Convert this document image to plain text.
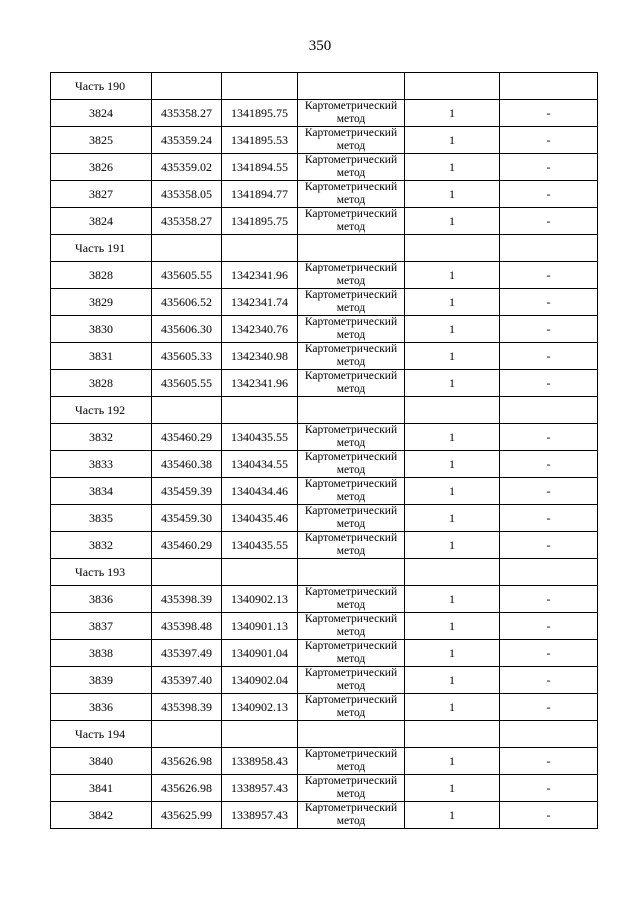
350
Часть 190					
3824	435358.27	1341895.75	Картометрический метод	1	-
3825	435359.24	1341895.53	Картометрический метод	1	-
3826	435359.02	1341894.55	Картометрический метод	1	-
3827	435358.05	1341894.77	Картометрический метод	1	-
3824	435358.27	1341895.75	Картометрический метод	1	-
Часть 191					
3828	435605.55	1342341.96	Картометрический метод	1	-
3829	435606.52	1342341.74	Картометрический метод	1	-
3830	435606.30	1342340.76	Картометрический метод	1	-
3831	435605.33	1342340.98	Картометрический метод	1	-
3828	435605.55	1342341.96	Картометрический метод	1	-
Часть 192					
3832	435460.29	1340435.55	Картометрический метод	1	-
3833	435460.38	1340434.55	Картометрический метод	1	-
3834	435459.39	1340434.46	Картометрический метод	1	-
3835	435459.30	1340435.46	Картометрический метод	1	-
3832	435460.29	1340435.55	Картометрический метод	1	-
Часть 193					
3836	435398.39	1340902.13	Картометрический метод	1	-
3837	435398.48	1340901.13	Картометрический метод	1	-
3838	435397.49	1340901.04	Картометрический метод	1	-
3839	435397.40	1340902.04	Картометрический метод	1	-
3836	435398.39	1340902.13	Картометрический метод	1	-
Часть 194					
3840	435626.98	1338958.43	Картометрический метод	1	-
3841	435626.98	1338957.43	Картометрический метод	1	-
3842	435625.99	1338957.43	Картометрический метод	1	-
